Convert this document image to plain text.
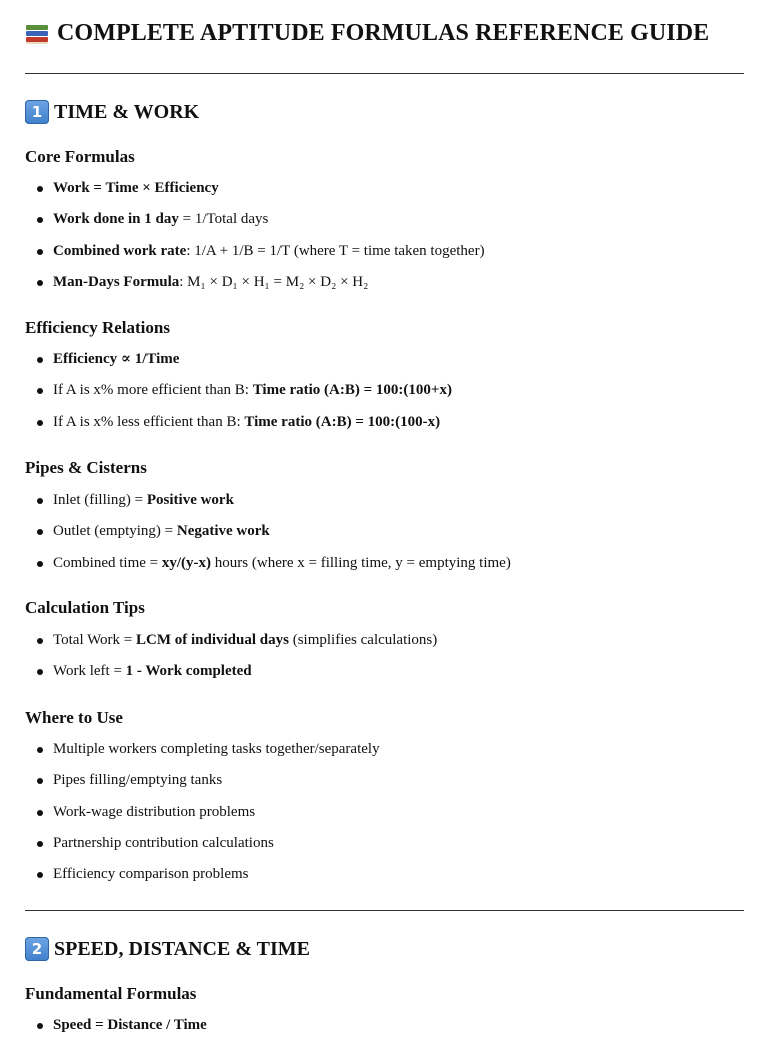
COMPLETE APTITUDE FORMULAS REFERENCE GUIDE
1 TIME & WORK
Core Formulas
Work = Time × Efficiency
Work done in 1 day = 1/Total days
Combined work rate: 1/A + 1/B = 1/T (where T = time taken together)
Man-Days Formula: M₁ × D₁ × H₁ = M₂ × D₂ × H₂
Efficiency Relations
Efficiency ∝ 1/Time
If A is x% more efficient than B: Time ratio (A:B) = 100:(100+x)
If A is x% less efficient than B: Time ratio (A:B) = 100:(100-x)
Pipes & Cisterns
Inlet (filling) = Positive work
Outlet (emptying) = Negative work
Combined time = xy/(y-x) hours (where x = filling time, y = emptying time)
Calculation Tips
Total Work = LCM of individual days (simplifies calculations)
Work left = 1 - Work completed
Where to Use
Multiple workers completing tasks together/separately
Pipes filling/emptying tanks
Work-wage distribution problems
Partnership contribution calculations
Efficiency comparison problems
2 SPEED, DISTANCE & TIME
Fundamental Formulas
Speed = Distance / Time
